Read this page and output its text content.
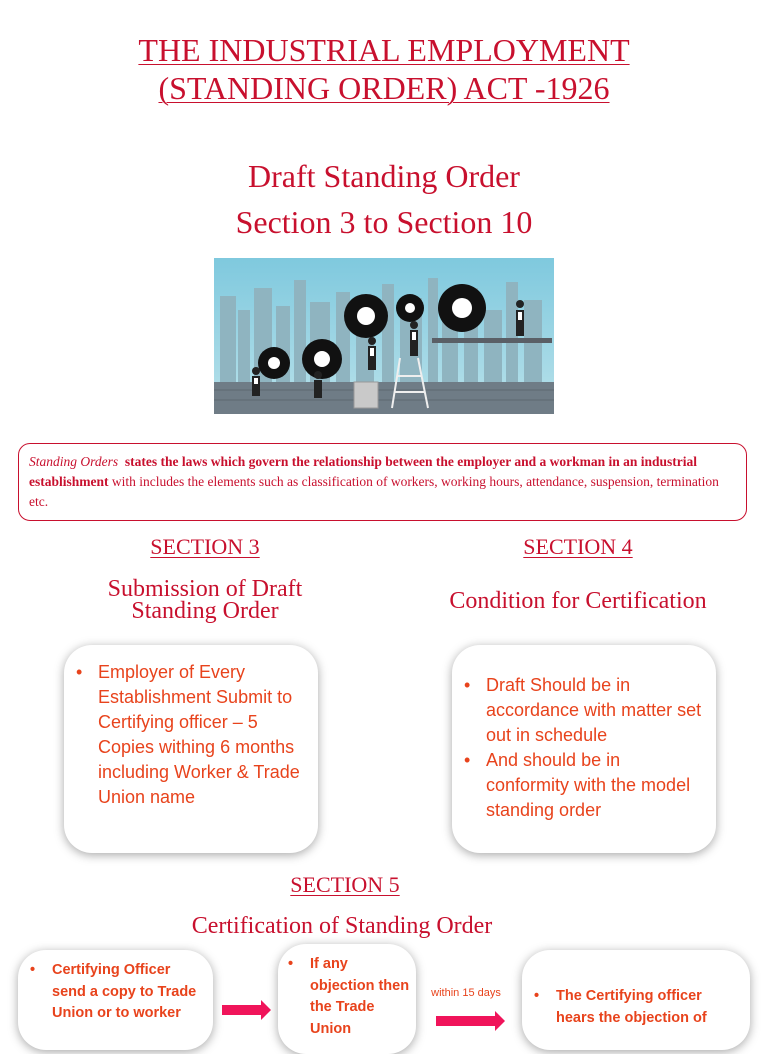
THE INDUSTRIAL EMPLOYMENT
(STANDING ORDER) ACT -1926
Draft Standing Order
Section 3 to Section 10
Standing Orders states the laws which govern the relationship between the employer and a workman in an industrial establishment with includes the elements such as classification of workers, working hours, attendance, suspension, termination etc.
SECTION 3
Submission of Draft
Standing Order
• Employer of Every Establishment Submit to Certifying officer – 5 Copies withing 6 months including Worker & Trade Union name
SECTION 4
Condition for Certification
• Draft Should be in accordance with matter set out in schedule
• And should be in conformity with the model standing order
SECTION 5
Certification of Standing Order
• Certifying Officer send a copy to Trade Union or to worker
• If any objection then the Trade Union
within 15 days
•	The Certifying officer hears the objection of
